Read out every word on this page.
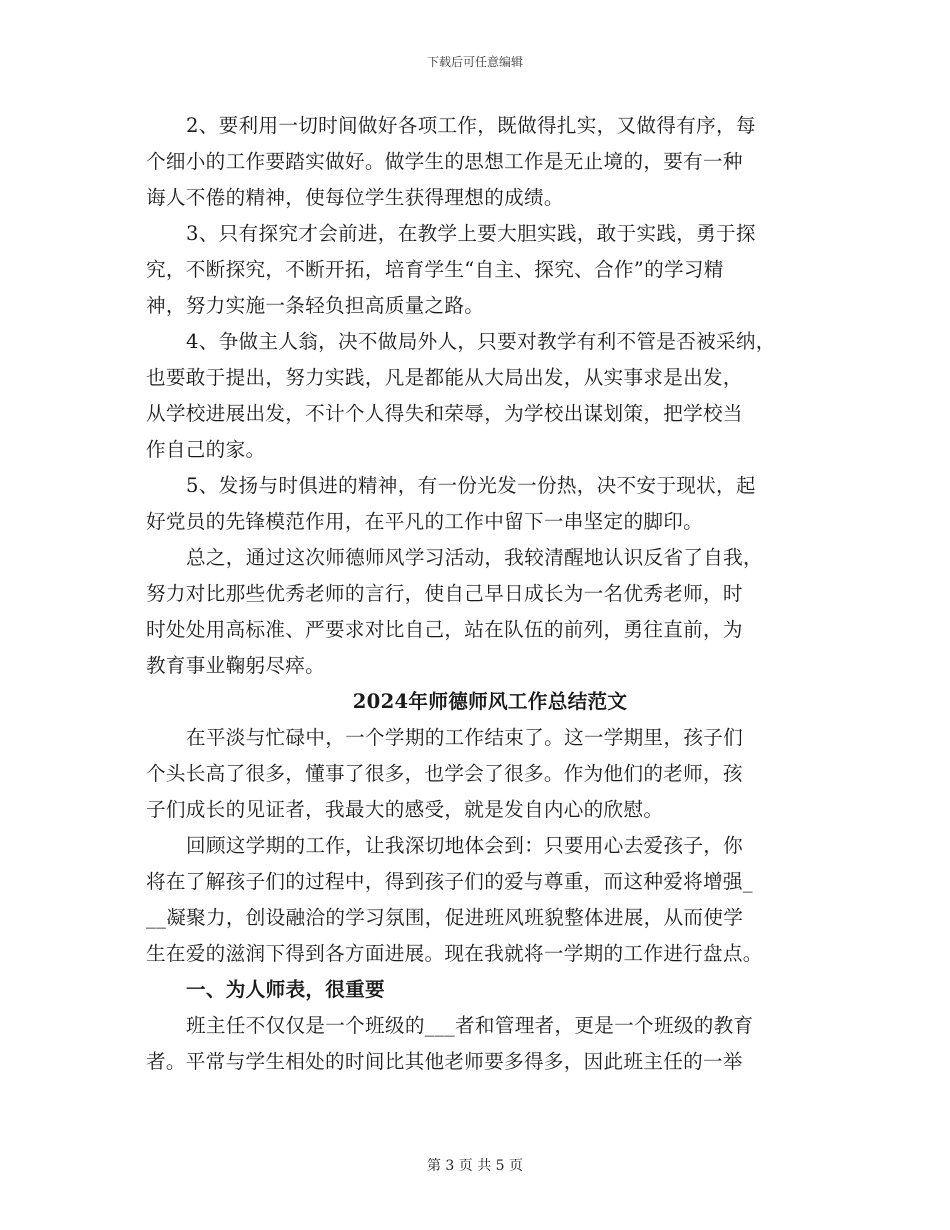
下载后可任意编辑
2、要利用一切时间做好各项工作，既做得扎实，又做得有序，每
个细小的工作要踏实做好。做学生的思想工作是无止境的，要有一种
诲人不倦的精神，使每位学生获得理想的成绩。
3、只有探究才会前进，在教学上要大胆实践，敢于实践，勇于探
究，不断探究，不断开拓，培育学生“自主、探究、合作”的学习精
神，努力实施一条轻负担高质量之路。
4、争做主人翁，决不做局外人，只要对教学有利不管是否被采纳，
也要敢于提出，努力实践，凡是都能从大局出发，从实事求是出发，
从学校进展出发，不计个人得失和荣辱，为学校出谋划策，把学校当
作自己的家。
5、发扬与时俱进的精神，有一份光发一份热，决不安于现状，起
好党员的先锋模范作用，在平凡的工作中留下一串坚定的脚印。
总之，通过这次师德师风学习活动，我较清醒地认识反省了自我，
努力对比那些优秀老师的言行，使自己早日成长为一名优秀老师，时
时处处用高标准、严要求对比自己，站在队伍的前列，勇往直前，为
教育事业鞠躬尽瘁。
2024年师德师风工作总结范文
在平淡与忙碌中，一个学期的工作结束了。这一学期里，孩子们
个头长高了很多，懂事了很多，也学会了很多。作为他们的老师，孩
子们成长的见证者，我最大的感受，就是发自内心的欣慰。
回顾这学期的工作，让我深切地体会到：只要用心去爱孩子，你
将在了解孩子们的过程中，得到孩子们的爱与尊重，而这种爱将增强_
__凝聚力，创设融洽的学习氛围，促进班风班貌整体进展，从而使学
生在爱的滋润下得到各方面进展。现在我就将一学期的工作进行盘点。
一、为人师表，很重要
班主任不仅仅是一个班级的___者和管理者，更是一个班级的教育
者。平常与学生相处的时间比其他老师要多得多，因此班主任的一举
第 3 页 共 5 页
